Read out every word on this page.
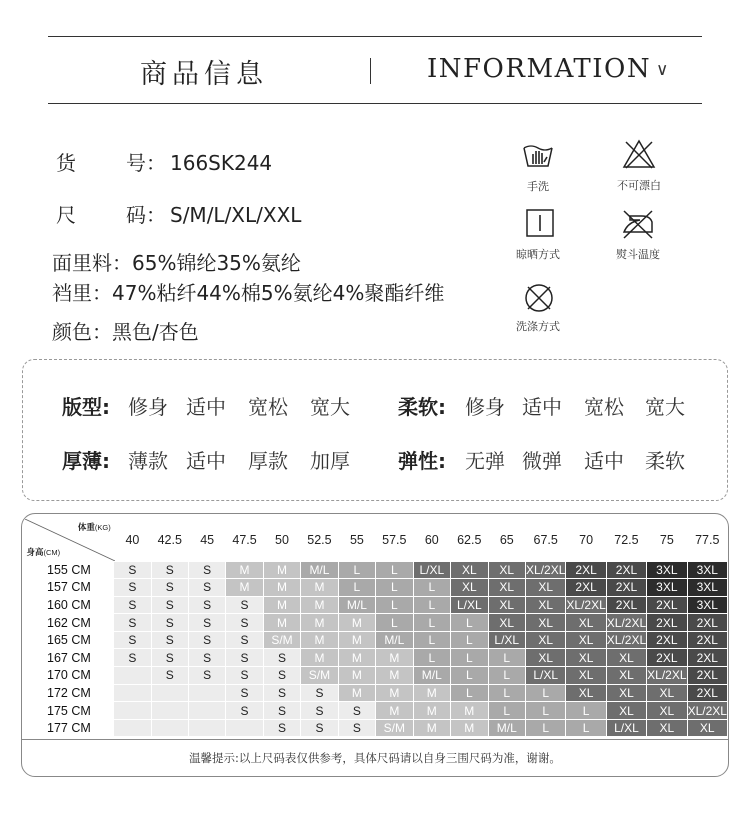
商品信息	INFORMATION ∨
货	号： 166SK244
尺	码： S/M/L/XL/XXL
面里料：65%锦纶35%氨纶
裆里：47%粘纤44%棉5%氨纶4%聚酯纤维
颜色：黑色/杏色
手洗	不可漂白
晾晒方式	熨斗温度
洗涤方式
版型: 修身 适中 宽松 宽大 柔软: 修身 适中 宽松 宽大
厚薄: 薄款 适中 厚款 加厚 弹性: 无弹 微弹 适中 柔软
体重(KG)
身高(CM)	40	42.5	45	47.5	50	52.5	55	57.5	60	62.5	65	67.5	70	72.5	75	77.5
155 CM	S	S	S	M	M	M/L	L	L	L/XL	XL	XL	XL/2XL	2XL	2XL	3XL	3XL
157 CM	S	S	S	M	M	M	L	L	L	XL	XL	XL	2XL	2XL	3XL	3XL
160 CM	S	S	S	S	M	M	M/L	L	L	L/XL	XL	XL	XL/2XL	2XL	2XL	3XL
162 CM	S	S	S	S	M	M	M	L	L	L	XL	XL	XL	XL/2XL	2XL	2XL
165 CM	S	S	S	S	S/M	M	M	M/L	L	L	L/XL	XL	XL	XL/2XL	2XL	2XL
167 CM	S	S	S	S	S	M	M	M	L	L	L	XL	XL	XL	2XL	2XL
170 CM		S	S	S	S	S/M	M	M	M/L	L	L	L/XL	XL	XL	XL/2XL	2XL
172 CM				S	S	S	M	M	M	L	L	L	XL	XL	XL	2XL
175 CM				S	S	S	S	M	M	M	L	L	L	XL	XL	XL/2XL
177 CM					S	S	S	S/M	M	M	M/L	L	L	L/XL	XL	XL
温馨提示:以上尺码表仅供参考，具体尺码请以自身三围尺码为准，谢谢。
